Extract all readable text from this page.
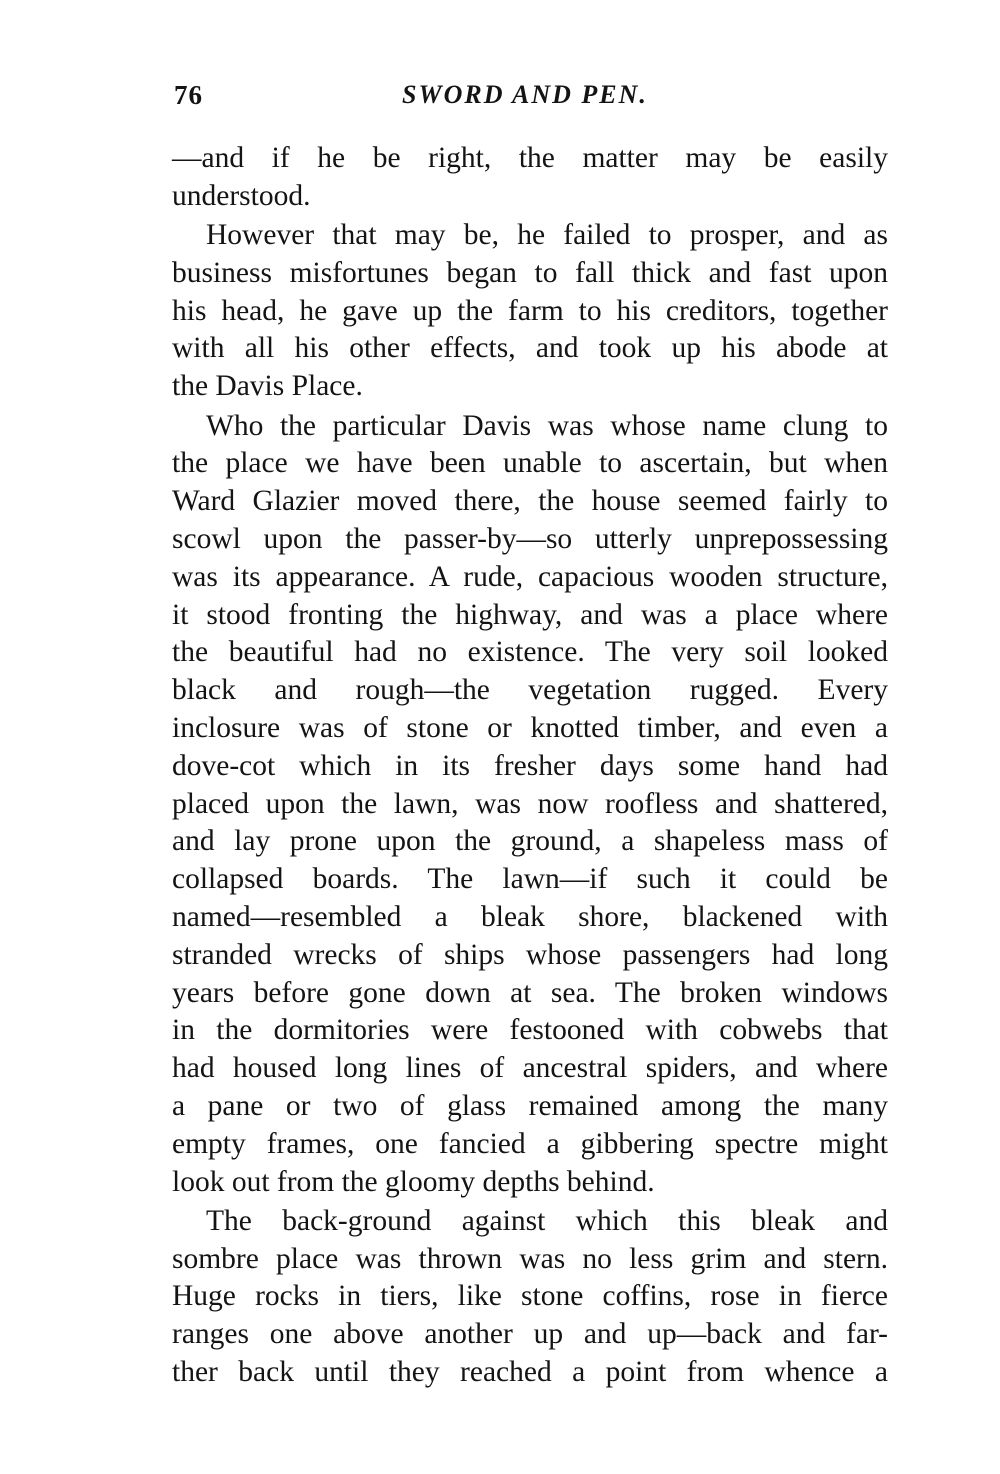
76	SWORD AND PEN.
—and if he be right, the matter may be easily
understood.
However that may be, he failed to prosper, and as
business misfortunes began to fall thick and fast upon
his head, he gave up the farm to his creditors, together
with all his other effects, and took up his abode at
the Davis Place.
Who the particular Davis was whose name clung to
the place we have been unable to ascertain, but when
Ward Glazier moved there, the house seemed fairly to
scowl upon the passer-by—so utterly unprepossessing
was its appearance. A rude, capacious wooden structure,
it stood fronting the highway, and was a place where
the beautiful had no existence. The very soil looked
black and rough—the vegetation rugged. Every
inclosure was of stone or knotted timber, and even a
dove-cot which in its fresher days some hand had
placed upon the lawn, was now roofless and shattered,
and lay prone upon the ground, a shapeless mass of
collapsed boards. The lawn—if such it could be
named—resembled a bleak shore, blackened with
stranded wrecks of ships whose passengers had long
years before gone down at sea. The broken windows
in the dormitories were festooned with cobwebs that
had housed long lines of ancestral spiders, and where
a pane or two of glass remained among the many
empty frames, one fancied a gibbering spectre might
look out from the gloomy depths behind.
The back-ground against which this bleak and
sombre place was thrown was no less grim and stern.
Huge rocks in tiers, like stone coffins, rose in fierce
ranges one above another up and up—back and far-
ther back until they reached a point from whence a
